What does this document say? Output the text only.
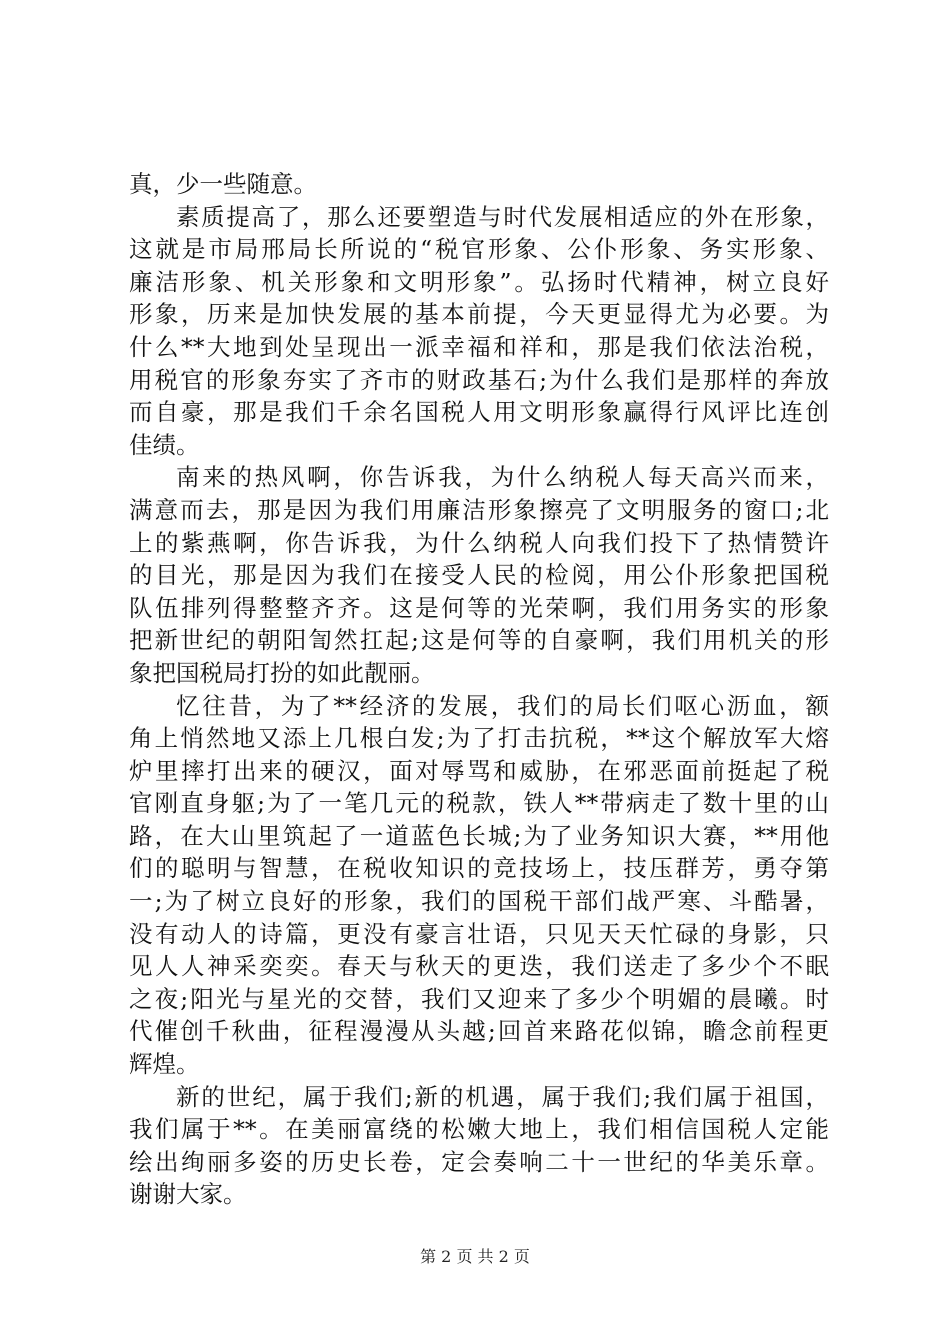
真，少一些随意。
素质提高了，那么还要塑造与时代发展相适应的外在形象，
这就是市局邢局长所说的“税官形象、公仆形象、务实形象、
廉洁形象、机关形象和文明形象”。弘扬时代精神，树立良好
形象，历来是加快发展的基本前提，今天更显得尤为必要。为
什么**大地到处呈现出一派幸福和祥和，那是我们依法治税，
用税官的形象夯实了齐市的财政基石;为什么我们是那样的奔放
而自豪，那是我们千余名国税人用文明形象赢得行风评比连创
佳绩。
南来的热风啊，你告诉我，为什么纳税人每天高兴而来，
满意而去，那是因为我们用廉洁形象擦亮了文明服务的窗口;北
上的紫燕啊，你告诉我，为什么纳税人向我们投下了热情赞许
的目光，那是因为我们在接受人民的检阅，用公仆形象把国税
队伍排列得整整齐齐。这是何等的光荣啊，我们用务实的形象
把新世纪的朝阳訇然扛起;这是何等的自豪啊，我们用机关的形
象把国税局打扮的如此靓丽。
忆往昔，为了**经济的发展，我们的局长们呕心沥血，额
角上悄然地又添上几根白发;为了打击抗税，**这个解放军大熔
炉里摔打出来的硬汉，面对辱骂和威胁，在邪恶面前挺起了税
官刚直身躯;为了一笔几元的税款，铁人**带病走了数十里的山
路，在大山里筑起了一道蓝色长城;为了业务知识大赛，**用他
们的聪明与智慧，在税收知识的竞技场上，技压群芳，勇夺第
一;为了树立良好的形象，我们的国税干部们战严寒、斗酷暑，
没有动人的诗篇，更没有豪言壮语，只见天天忙碌的身影，只
见人人神采奕奕。春天与秋天的更迭，我们送走了多少个不眠
之夜;阳光与星光的交替，我们又迎来了多少个明媚的晨曦。时
代催创千秋曲，征程漫漫从头越;回首来路花似锦，瞻念前程更
辉煌。
新的世纪，属于我们;新的机遇，属于我们;我们属于祖国，
我们属于**。在美丽富绕的松嫩大地上，我们相信国税人定能
绘出绚丽多姿的历史长卷，定会奏响二十一世纪的华美乐章。
谢谢大家。
第 2 页 共 2 页
